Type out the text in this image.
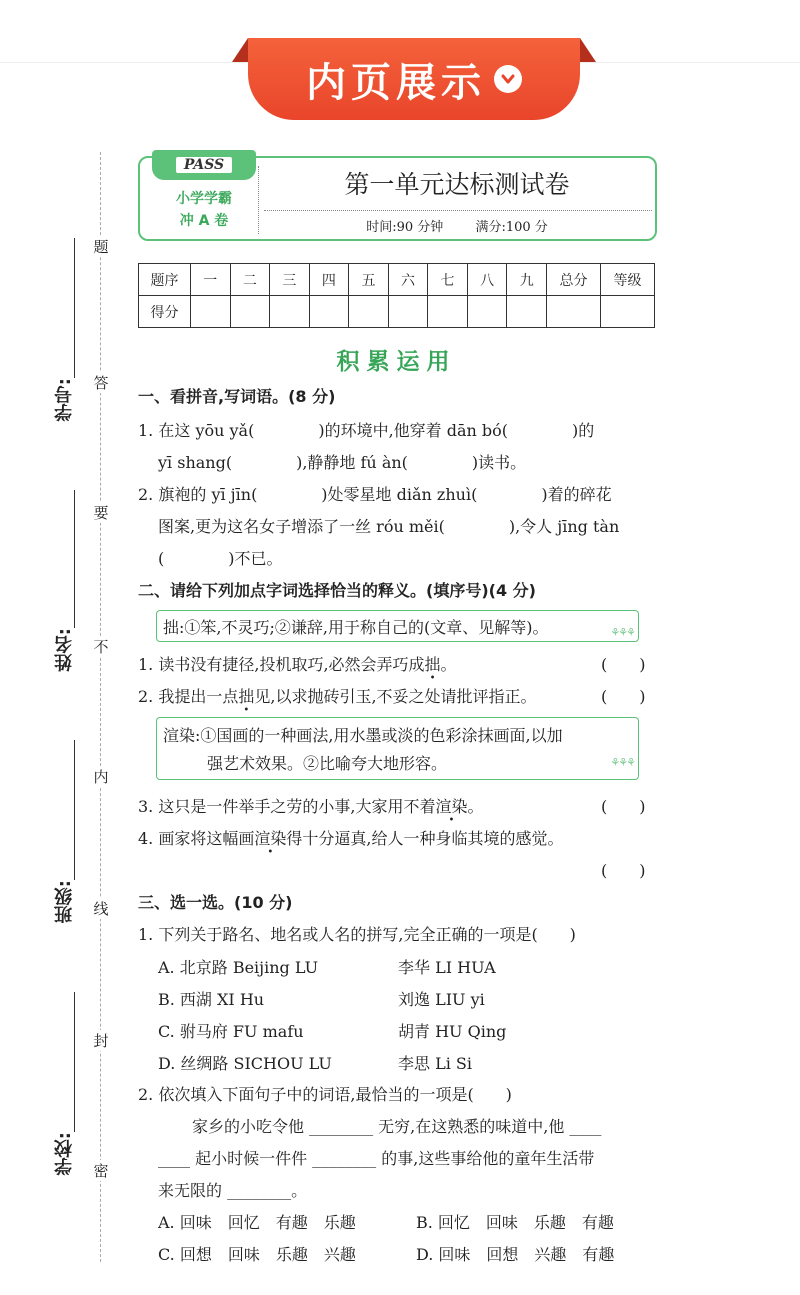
内页展示
题
答
要
不
内
线
封
密
学号:
姓名:
班级:
学校:
PASS
小学学霸
冲 A 卷
第一单元达标测试卷
时间:90 分钟 满分:100 分
题序	一	二	三	四	五	六	七	八	九	总分	等级
得分											
积累运用
一、看拼音,写词语。(8 分)
1. 在这 yōu yǎ(　　　　)的环境中,他穿着 dān bó(　　　　)的
yī shang(　　　　),静静地 fú àn(　　　　)读书。
2. 旗袍的 yī jīn(　　　　)处零星地 diǎn zhuì(　　　　)着的碎花
图案,更为这名女子增添了一丝 róu měi(　　　　),令人 jīng tàn
(　　　　)不已。
二、请给下列加点字词选择恰当的释义。(填序号)(4 分)
拙:①笨,不灵巧;②谦辞,用于称自己的(文章、见解等)。	⚘⚘⚘
1. 读书没有捷径,投机取巧,必然会弄巧成拙。	(　　)
2. 我提出一点拙见,以求抛砖引玉,不妥之处请批评指正。	(　　)
渲染:①国画的一种画法,用水墨或淡的色彩涂抹画面,以加
强艺术效果。②比喻夸大地形容。	⚘⚘⚘
3. 这只是一件举手之劳的小事,大家用不着渲染。	(　　)
4. 画家将这幅画渲染得十分逼真,给人一种身临其境的感觉。
(　　)
三、选一选。(10 分)
1. 下列关于路名、地名或人名的拼写,完全正确的一项是(　　)
A. 北京路 Beijing LU	李华 LI HUA
B. 西湖 XI Hu	刘逸 LIU yi
C. 驸马府 FU mafu	胡青 HU Qing
D. 丝绸路 SICHOU LU	李思 Li Si
2. 依次填入下面句子中的词语,最恰当的一项是(　　)
家乡的小吃令他 ________ 无穷,在这熟悉的味道中,他 ____
____ 起小时候一件件 ________ 的事,这些事给他的童年生活带
来无限的 ________。
A. 回味　回忆　有趣　乐趣	B. 回忆　回味　乐趣　有趣
C. 回想　回味　乐趣　兴趣	D. 回味　回想　兴趣　有趣
